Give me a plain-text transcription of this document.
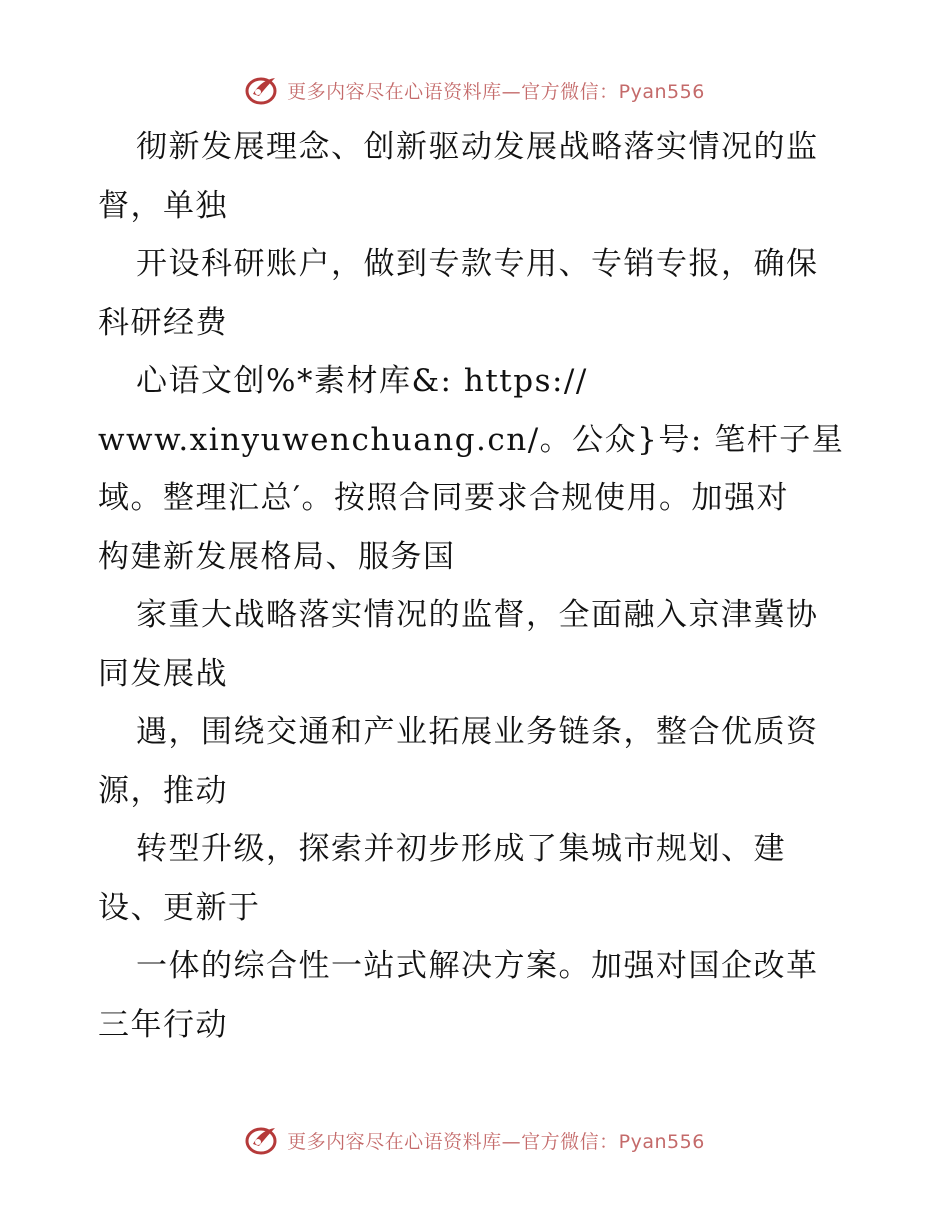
更多内容尽在心语资料库—官方微信：Pyan556
彻新发展理念、创新驱动发展战略落实情况的监
督，单独
开设科研账户，做到专款专用、专销专报，确保
科研经费
心语文创%*素材库&: https://
www.xinyuwenchuang.cn/。公众}号: 笔杆子星
域。整理汇总′。按照合同要求合规使用。加强对
构建新发展格局、服务国
家重大战略落实情况的监督，全面融入京津冀协
同发展战
遇，围绕交通和产业拓展业务链条，整合优质资
源，推动
转型升级，探索并初步形成了集城市规划、建
设、更新于
一体的综合性一站式解决方案。加强对国企改革
三年行动
更多内容尽在心语资料库—官方微信：Pyan556
